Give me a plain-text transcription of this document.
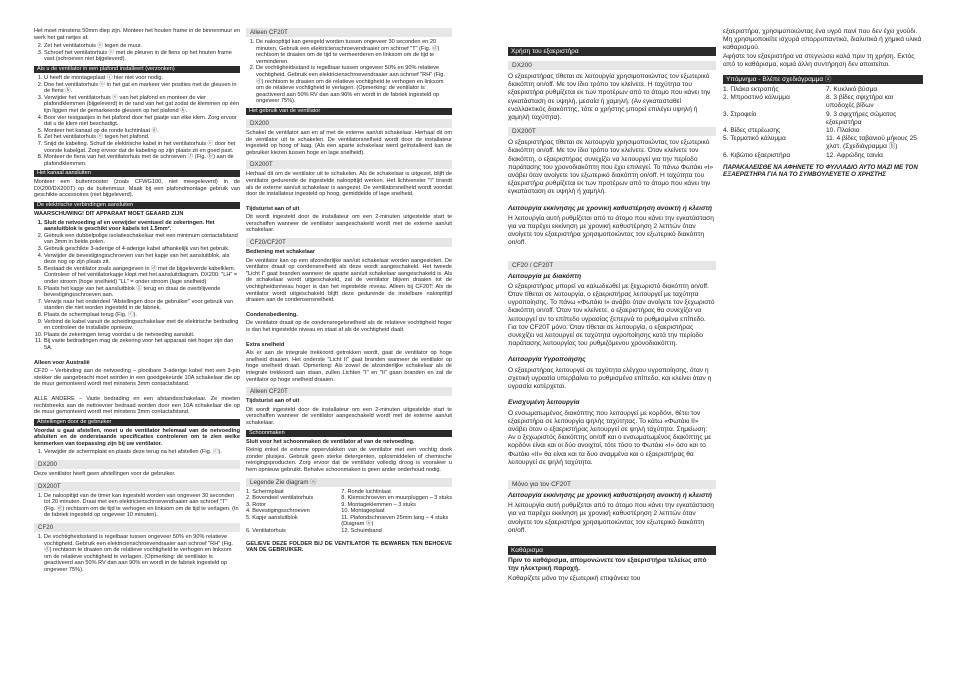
Het moet minstens 50mm diep zijn. Monteer het houten frame in de binnenmuur en werk het gat netjes af.

2. Zet het ventilatorhuis ⓔ tegen de muur.
3. Schroef het ventilatorhuis ⓔ met de pleuren in de fiens op het houten frame vast (schroeven niet bijgeleverd).
Als u de ventilator in een plafond installeert (verzonken)
1. U heeft de montageplaat ⓘ hier niet voor nodig.
2. Doe het ventilatorhuis ⓔ in het gat en markeer vier posities met de gleuven in de fiens ⓑ.
3. Verwijder het ventilatorhuis ⓔ van het plafond en monteer de vier plafondklemmen (bijgeleverd) in de rand van het gat zodat de klemmen op één lijn liggen met de gemarkeerde gleuven op het plafond ⓑ.
4. Boor vier testgaatjes in het plafond door het gaatje van elke klem. Zorg ervoor dat u de klem niet beschadigt.
5. Monteer het kanaal op de ronde luchtinlaat ⓓ.
6. Zet het ventilatorhuis ⓔ tegen het plafond.
7. Snijd de kabeling. Schuif de elektrische kabel in het ventilatorhuis ⓔ door het voorste kabelgat. Zorg ervoor dat de kabeling op zijn plaats zit en goed past.
8. Monteer de fiens van het ventilatorhuis met de schroeven ⓕ (Fig. ⓑ) aan de plafondklemmen.
Het kanaal aansluiten

Monteer een buitenrooster (zoals CFWG100, niet meegeleverd) in de DX200/DX200T) op de buitenmuur. Maak bij een plafondmontage gebruik van geschikte accessoires (niet bijgeleverd).

De elektrische verbindingen aansluiten

WAARSCHUWING! DIT APPARAAT MOET GEAARD ZIJN

1. Sluit de netvoeding af en verwijder eventueel de zekeringen. Het aansluitblok is geschikt voor kabels tot 1.5mm².
2. Gebruik een dubbelpolige isolatieschakelaar met een minimum contactafstand van 3mm in beide polen.
3. Gebruik geschikte 3-aderige of 4-aderige kabel afhankelijk van het gebruik.
4. Verwijder de bevestigingsschroeven van het kapje van het aansluitblok, als deze nog op zijn plaats zit.
5. Bestaad de ventilator zoals aangegeven in ⓓ met de bijgeleverde kabelklem. Controleer of het ventilatorkapje klopt met het aansluitdiagram. DX200: "LH" = onder stroom (hoge snelheid) "LL" = onder stroom (lage snelheid)
6. Plaats het kapje van het aansluitblok ⓖ terug en draai de overblijvende bevestigingsschroeven aan.
7. Verwijs naar het onderdeel "Afstellingen door de gebruiker" voor gebruik van standen die niet worden ingesteld in de fabriek.
8. Plaats de schermplaat terug (Fig. ⓒ).
9. Verbind de kabel vanuit de scheidingsschakelaar met de elektrische bedrading en controleer de installatie opnieuw.
10. Plaats de zekeringen terug voordat u de netvoeding aansluit.
11. Bij vaste bedradingen mag de zekering voor het apparaat niet hoger zijn dan 5A.

Alleen voor Australië

CF20 – Verbinding aan de netvoeding – plooibare 3-aderige kabel met een 3-pin stekker die aangebracht moet worden in een goedgekeurde 10A schakelaar die op de muur gemonteerd wordt met minstens 3mm contactafstand.

ALLE ANDERE – Vaste bedrading en een afstandsschakelaar. Ze moeten rechtstreeks aan de nettoevoer bedraad worden door een 10A schakelaar die op de muur gemonteerd wordt met minstens 3mm contactafstand.

Afstellingen door de gebruiker

Voordat u gaat afstellen, moet u de ventilator helemaal van de netvoeding afsluiten en de onderstaande specificaties controleren om te zien welke kenmerken van toepassing zijn bij uw ventilator.

1. Verwijder de schermplaat en plaats deze terug na het afstellen (Fig. ⓒ).
DX200

Deze ventilator heeft geen afstellingen voor de gebruiker.

DX200T
1. De naloopttijd van de timer kan ingesteld worden van ongeveer 30 seconden tot 20 minuten. Draai met een elektricienschroevendraaier aan schroef "T" (Fig. ⓓ) rechtsom om de tijd te verhogen en linksom om de tijd te verlagen. (In de fabriek ingesteld op ongeveer 10 minuten).
CF20
1. De vochtigheidsstand is regelbaar tussen ongeveer 50% en 90% relatieve vochtigheid. Gebruik een elektricienschroevendraaier aan schroef "RH" (Fig. ⓓ) rechtsom te draaien om de relatieve vochtigheid te verhogen en linksom om de relatieve vochtigheid te verlagen. (Opmerking: de ventilator is geactiveerd aan 50% RV dan aan 90% en wordt in de fabriek ingesteld op ongeveer 75%).
Alleen CF20T
1. De naloopttijd kan geregeld worden tussen ongeveer 30 seconden en 20 minuten. Gebruik een elektricienschroevendraaier om schroef "T" (Fig. ⓓ) rechtsom te draaien om de tijd te vermeerderen en linksom om de tijd te verminderen.
2. De vochtigheidsstand is regelbaar tussen ongeveer 50% en 90% relatieve vochtigheid. Gebruik een elektricienschroevendraaier aan schroef "RH" (Fig. ⓓ) rechtsom te draaien om de relatieve vochtigheid te verhogen en linksom om de relatieve vochtigheid te verlagen. (Opmerking: de ventilator is geactiveerd aan 50% RV dan aan 90% en wordt in de fabriek ingesteld op ongeveer 75%).
Het gebruik van de ventilator
DX200

Schakel de ventilator aan en af met de externe aan/uit schakelaar. Herhaal dit om de ventilator uit te schakelen. De ventilatorsnelheid wordt door de installateur ingesteld op hoog of laag. (Als een aparte schakelaar werd geïnstalleerd kan de gebruiker kiezen tussen hoge en lage snelheid).

DX200T

Herhaal dit om de ventilator uit te schakelen. Als de schakelaar is uitgezet, blijft de ventilator gedurende de ingestelde naloopttijd werken. Het lichtvenster "I" brandt als de externe aan/uit schakelaar is aangezet. De ventilatorsnelheid wordt voordat door de installateur ingesteld op hoog, gemiddelde of lage snelheid.

Tijdsturist aan of uit

Dit wordt ingesteld door de installateur om een 2-minuten uitgestelde start te verschaffen wanneer de ventilator aangeschakeld wordt met de externe aan/uit schakelaar.

CF20/CF20T

Bediening met schakelaar

De ventilator kan op een afzonderlijke aan/uit schakelaar worden aangesloten. De ventilator draait op condensnelheid als deze wordt aangeschakeld. Het tweede "Licht I" gaat branden wanneer de aparte aan/uit schakelaar aangeschakeld is. Als de schakelaar wordt uitgeschakeld, zal de ventilator blijven draaien tot de vochtigheidsniveau hoger is dan het ingestelde niveau. Alleen bij CF20T: Als de ventilator wordt uitgeschakeld blijft deze gedurende de instelbare naloopttijd draaien aan de condensensnelheid.

Condensbediening.

De ventilator draait op de condensregelsnelheid als de relatieve vochtigheid hoger is dan het ingestelde niveau en staat af als de vochtigheid daalt.

Extra snelheid

Als er aan de integrale trekkoord getrokken wordt, gaat de ventilator op hoge snelheid draaien. Het onderste "Licht II" gaat branden wanneer de ventilator op hoge snelheid draait. Opmerking: Als zowel de afzonderlijke schakelaar als de integrale trekkoord aan staan, zullen Lichten "I" en "II" gaan branden en zal de ventilator op hoge snelheid draaien.

Alleen CF20T

Tijdsturist aan of uit

Dit wordt ingesteld door de installateur om een 2-minuten uitgestelde start te verschaffen wanneer de ventilator aangeschakeld wordt met de externe aan/uit schakelaar.

Schoonmaken

Sluit voor het schoonmaken de ventilator af van de netvoeding.

Reinig enkel de externe oppervlakken van de ventilator met een vochtig doek zonder pluisjes. Gebruik geen sterke detergenten, oplosmiddelen of chemische reinigingsproducten. Zorg ervoor dat de ventilator volledig droog is vooraleer u hem opnieuw gebruikt. Behalve schoonmaken is geen ander onderhoud nodig.

Legende Zie diagram ⓐ
1. Schermplaat	7. Ronde luchtinlaat
2. Bovendeel ventilatorhuis	8. Klemschroeven en muurpluggen – 3 stuks
3. Rotor	9. Montageklemmen – 3 stuks
4. Bevestigingsschroeven	10. Montageplaat
5. Kapje aansluitblok	11. Plafondschroeven 25mm lang – 4 stuks (Diagram ⓑ)
6. Ventilatorhuis	12. Schuimband

GELIEVE DEZE FOLDER BIJ DE VENTILATOR TE BEWAREN TEN BEHOEVE VAN DE GEBRUIKER.

Χρήση του εξαεριστήρα
DX200

Ο εξαεριστήρας τίθεται σε λειτουργία χρησιμοποιώντας τον εξωτερικό διακόπτη on/off. Με τον ίδιο τρόπο τον κλείνετε. Η ταχύτητα του εξαεριστήρα ρυθμίζεται εκ των προτέρων από το άτομο που κάνει την εγκατάσταση σε υψηλή, μεσαία ή χαμηλή. (Αν εγκατασταθεί εναλλακτικός διακόπτης, τότε ο χρήστης μπορεί επιλέγει υψηλή ή χαμηλή ταχύτητα).

DX200T

Ο εξαεριστήρας τίθεται σε λειτουργία χρησιμοποιώντας τον εξωτερικό διακόπτη on/off. Με τον ίδιο τρόπο τον κλείνετε. Όταν κλείνετε τον διακόπτη, ο εξαεριστήρας συνεχίζει να λειτουργεί για την περίοδο παράτασης του χρονοδιακόπτη που έχει επιλεγεί. Το πάνω Φωτάκι «Ι» ανάβει όταν ανοίγετε τον εξωτερικό διακόπτη on/off. Η ταχύτητα του εξαεριστήρα ρυθμίζεται εκ των προτέρων από το άτομο που κάνει την εγκατάσταση σε υψηλή ή χαμηλή.

Λειτουργία εκκίνησης με χρονική καθυστέρηση ανοικτή ή κλειστή

Η λειτουργία αυτή ρυθμίζεται από το άτομο που κάνει την εγκατάσταση για να παρέχει εκκίνηση με χρονική καθυστέρηση 2 λεπτών όταν ανοίγετε τον εξαεριστήρα χρησιμοποιώντας τον εξωτερικό διακόπτη on/off.

CF20 / CF20T

Λειτουργία με διακόπτη

Ο εξαεριστήρας μπορεί να καλωδιωθεί με ξεχωριστό διακόπτη on/off. Όταν τίθεται σε λειτουργία, ο εξαεριστήρας λειτουργεί με ταχύτητα υγροποίησης. Το πάνω «Φωτάκι Ι» ανάβει όταν ανοίγετε τον ξεχωριστό διακόπτη on/off. Όταν τον κλείνετε, ο εξαεριστήρας θα συνεχίζει να λειτουργεί αν το επίπεδο υγρασίας ξεπερνά το ρυθμισμένο επίπεδο. Για τον CF20T μόνο: Όταν τίθεται σε λειτουργία, ο εξαεριστήρας συνεχίζει να λειτουργεί σε ταχύτητα υγροποίησης κατά την περίοδο παράτασης λειτουργίας του ρυθμιζόμενου χρονοδιακόπτη.

Λειτουργία Υγροποίησης

Ο εξαεριστήρας λειτουργεί σε ταχύτητα ελέγχου υγροποίησης, όταν η σχετική υγρασία υπερβαίνει το ρυθμισμένο επίπεδο, και κλείνει όταν η υγρασία κατέρχεται.

Ενισχυμένη λειτουργία

Ο ενσωματωμένος διακόπτης που λειτουργεί με κορδόνι, θέτει τον εξαεριστήρα σε λειτουργία ψηλής ταχύτητας. Το κάτω «Φωτάκι ΙΙ» ανάβει όταν ο εξαεριστήρας λειτουργεί σε ψηλή ταχύτητα. Σημείωση: Αν ο ξεχωριστός διακόπτης on/off και ο ενσωματωμένος διακόπτης με κορδόνι είναι και οι δύο ανοιχτοί, τότε τόσο το Φωτάκι «Ι» όσο και το Φωτάκι «ΙΙ» θα είναι και τα δυο αναμμένα και ο εξαεριστήρας θα λειτουργεί σε ψηλή ταχύτητα.

Μόνο για τον CF20T

Λειτουργία εκκίνησης με χρονική καθυστέρηση ανοικτή ή κλειστή

Η λειτουργία αυτή ρυθμίζεται από το άτομο που κάνει την εγκατάσταση για να παρέχει εκκίνηση με χρονική καθυστέρηση 2 λεπτών όταν ανοίγετε τον εξαεριστήρα χρησιμοποιώντας τον εξωτερικό διακόπτη on/off.

Καθάρισμα

Πριν το καθάρισμα, απομονώνετε τον εξαεριστήρα τελείως από την ηλεκτρική παροχή.

Καθαρίζετε μόνο την εξωτερική επιφάνεια του

εξαεριστήρα, χρησιμοποιώντας ένα υγρό πανί που δεν έχει χνούδι.
Μη χρησιμοποιείτε ισχυρά απορρυπαντικά, διαλυτικά ή χημικά υλικά καθαρισμού.
Αφήστε τον εξαεριστήρα να στεγνώσει καλά πριν τη χρήση. Εκτός από το καθάρισμα, καμιά άλλη συντήρηση δεν απαιτείται.

Υπόμνημα - Βλέπε σχεδιάγραμμα ⓐ
1. Πλάκα εκτροπής	7. Κυκλικό βύσμα
2. Μπροστινό κάλυμμα	8. 3 βίδες σφιχτήρα και υποδοχές βίδων
3. Στροφείο	9. 3 σφιχτήρες σώματος εξαεριστήρα
4. Βίδες στερέωσης	10. Πλαίσιο
5. Τερματικό κάλυμμα	11. 4 βίδες ταβανιού μήκους 25 χλστ. (Σχεδιάγραμμα ⓑ)
6. Κιβώτιο εξαεριστήρα	12. Αφρώδης ταινία

ΠΑΡΑΚΑΛΕΙΣΘΕ ΝΑ ΑΦΗΝΕΤΕ ΤΟ ΦΥΛΛΑΔΙΟ ΑΥΤΟ ΜΑΖΙ ΜΕ ΤΟΝ ΕΞΑΕΡΙΣΤΗΡΑ ΓΙΑ ΝΑ ΤΟ ΣΥΜΒΟΥΛΕΥΕΤΕ Ο ΧΡΗΣΤΗΣ
